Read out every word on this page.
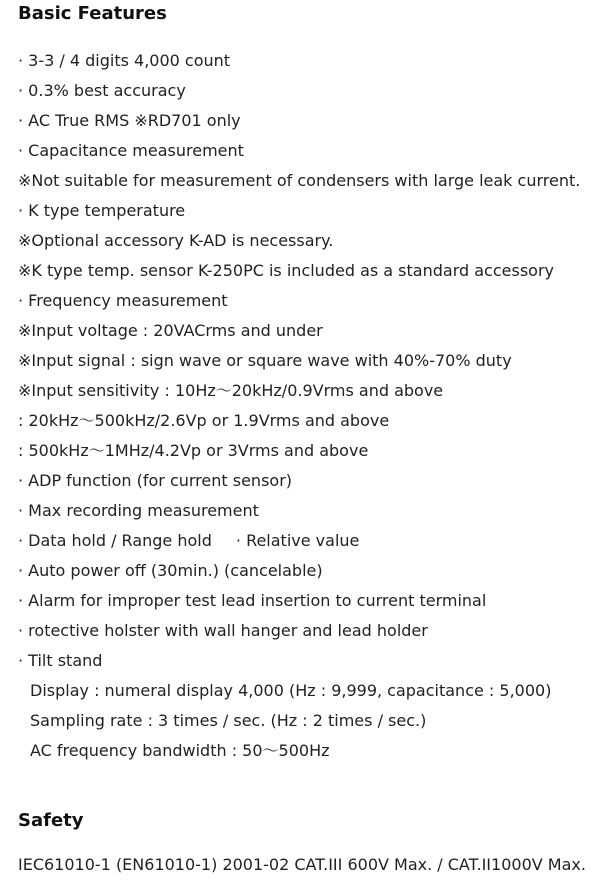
Basic Features
· 3-3 / 4 digits 4,000 count
· 0.3% best accuracy
· AC True RMS ※RD701 only
· Capacitance measurement
※Not suitable for measurement of condensers with large leak current.
· K type temperature
※Optional accessory K-AD is necessary.
※K type temp. sensor K-250PC is included as a standard accessory
· Frequency measurement
※Input voltage : 20VACrms and under
※Input signal : sign wave or square wave with 40%-70% duty
※Input sensitivity : 10Hz～20kHz/0.9Vrms and above
: 20kHz～500kHz/2.6Vp or 1.9Vrms and above
: 500kHz～1MHz/4.2Vp or 3Vrms and above
· ADP function (for current sensor)
· Max recording measurement
· Data hold / Range hold · Relative value
· Auto power off (30min.) (cancelable)
· Alarm for improper test lead insertion to current terminal
· rotective holster with wall hanger and lead holder
· Tilt stand
Display : numeral display 4,000 (Hz : 9,999, capacitance : 5,000)
Sampling rate : 3 times / sec. (Hz : 2 times / sec.)
AC frequency bandwidth : 50～500Hz
Safety
IEC61010-1 (EN61010-1) 2001-02 CAT.III 600V Max. / CAT.II1000V Max.
